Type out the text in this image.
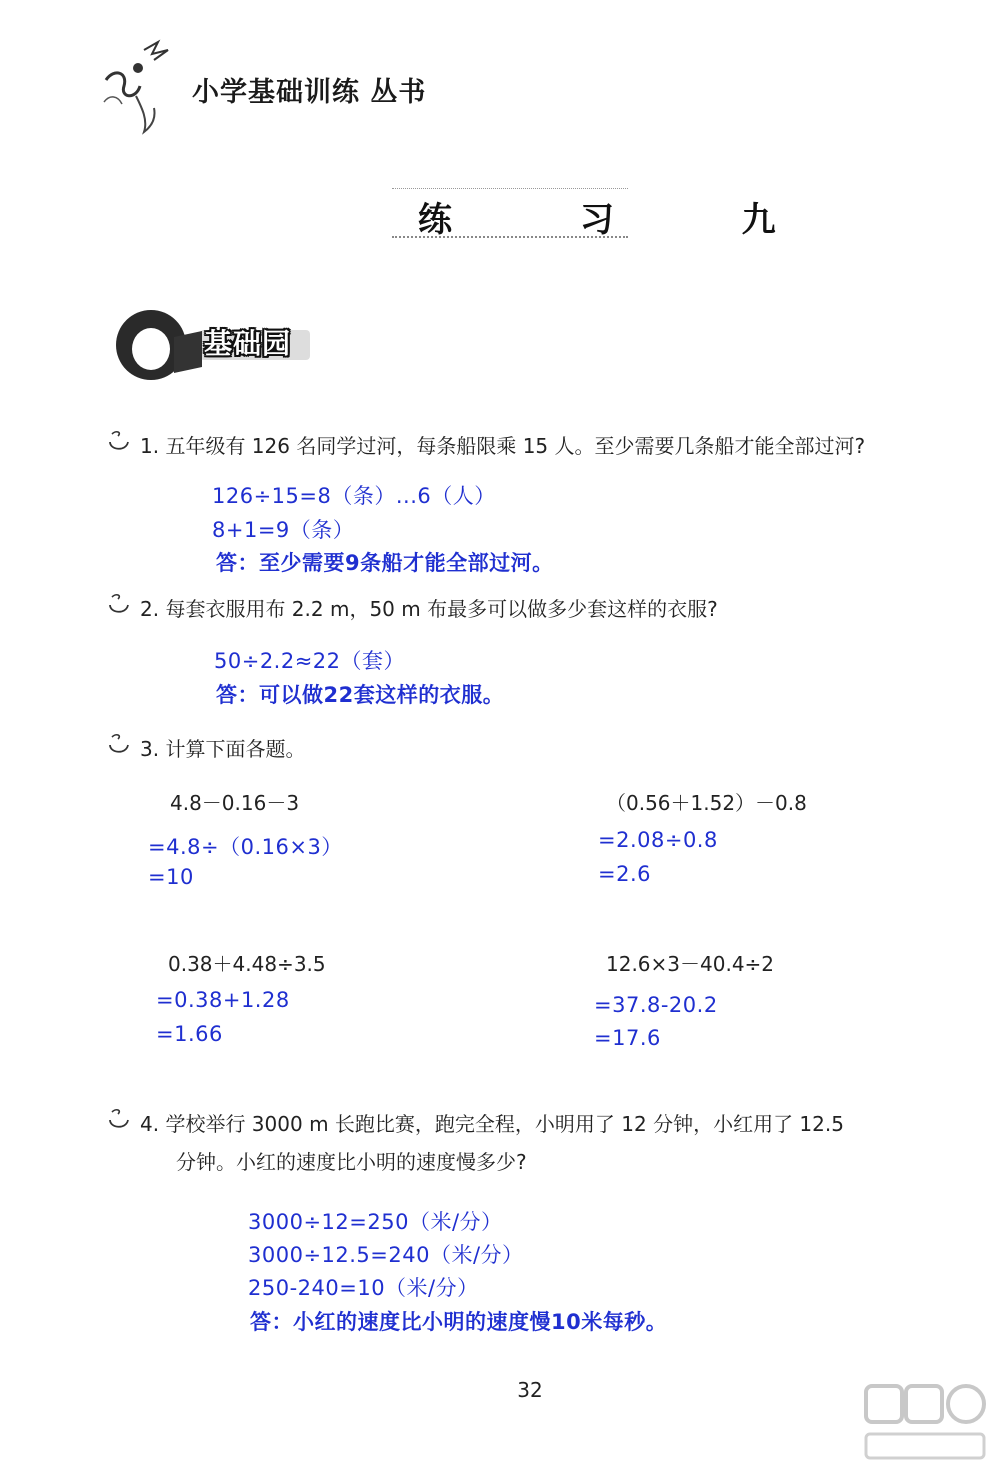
小学基础训练 丛书
练 习 九
基础园
1. 五年级有 126 名同学过河，每条船限乘 15 人。至少需要几条船才能全部过河?
126÷15=8（条）...6（人）
8+1=9（条）
答：至少需要9条船才能全部过河。
2. 每套衣服用布 2.2 m，50 m 布最多可以做多少套这样的衣服?
50÷2.2≈22（套）
答：可以做22套这样的衣服。
3. 计算下面各题。
4.8－0.16－3
=4.8÷（0.16×3）
=10
（0.56＋1.52）－0.8
=2.08÷0.8
=2.6
0.38＋4.48÷3.5
=0.38+1.28
=1.66
12.6×3－40.4÷2
=37.8-20.2
=17.6
4. 学校举行 3000 m 长跑比赛，跑完全程，小明用了 12 分钟，小红用了 12.5
分钟。小红的速度比小明的速度慢多少?
3000÷12=250（米/分）
3000÷12.5=240（米/分）
250-240=10（米/分）
答：小红的速度比小明的速度慢10米每秒。
32
